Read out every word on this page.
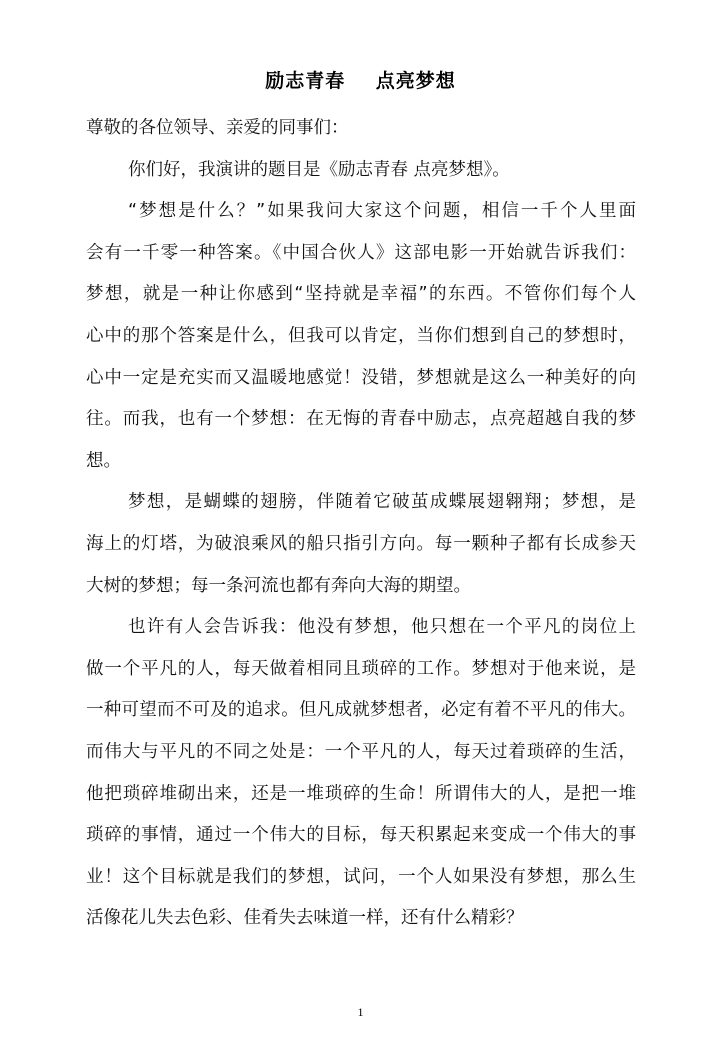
励志青春    点亮梦想
尊敬的各位领导、亲爱的同事们：
你们好，我演讲的题目是《励志青春 点亮梦想》。
“梦想是什么？”如果我问大家这个问题，相信一千个人里面
会有一千零一种答案。《中国合伙人》这部电影一开始就告诉我们：
梦想，就是一种让你感到“坚持就是幸福”的东西。不管你们每个人
心中的那个答案是什么，但我可以肯定，当你们想到自己的梦想时，
心中一定是充实而又温暖地感觉！没错，梦想就是这么一种美好的向
往。而我，也有一个梦想：在无悔的青春中励志，点亮超越自我的梦
想。
梦想，是蝴蝶的翅膀，伴随着它破茧成蝶展翅翱翔；梦想，是
海上的灯塔，为破浪乘风的船只指引方向。每一颗种子都有长成参天
大树的梦想；每一条河流也都有奔向大海的期望。
也许有人会告诉我：他没有梦想，他只想在一个平凡的岗位上
做一个平凡的人，每天做着相同且琐碎的工作。梦想对于他来说，是
一种可望而不可及的追求。但凡成就梦想者，必定有着不平凡的伟大。
而伟大与平凡的不同之处是：一个平凡的人，每天过着琐碎的生活，
他把琐碎堆砌出来，还是一堆琐碎的生命！所谓伟大的人，是把一堆
琐碎的事情，通过一个伟大的目标，每天积累起来变成一个伟大的事
业！这个目标就是我们的梦想，试问，一个人如果没有梦想，那么生
活像花儿失去色彩、佳肴失去味道一样，还有什么精彩？
1
